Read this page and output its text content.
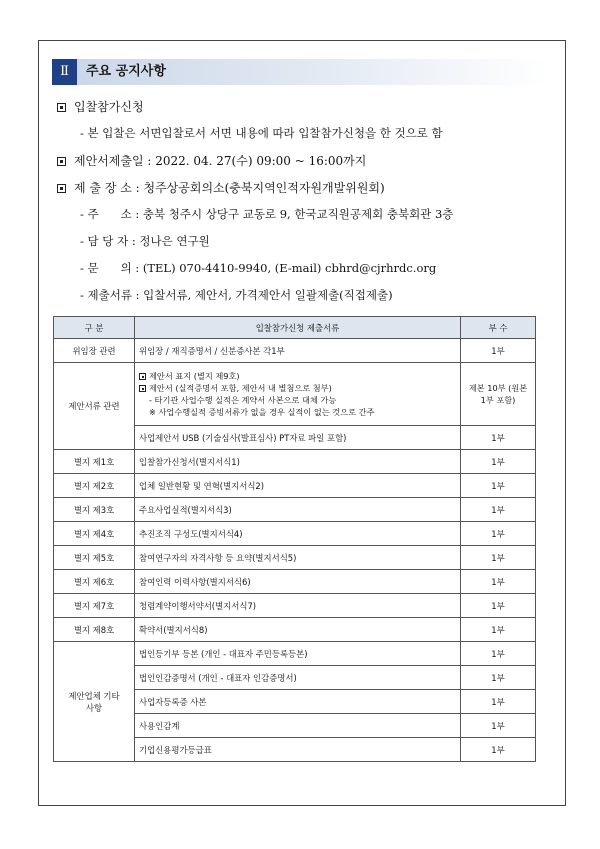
Ⅱ	주요 공지사항
입찰참가신청
- 본 입찰은 서면입찰로서 서면 내용에 따라 입찰참가신청을 한 것으로 함
제안서제출일 : 2022. 04. 27(수) 09:00 ~ 16:00까지
제 출 장 소 : 청주상공회의소(충북지역인적자원개발위원회)
- 주      소 : 충북 청주시 상당구 교동로 9, 한국교직원공제회 충북회관 3층
- 담 당 자 : 정나은 연구원
- 문      의 : (TEL) 070-4410-9940, (E-mail) cbhrd@cjrhrdc.org
- 제출서류 : 입찰서류, 제안서, 가격제안서 일괄제출(직접제출)
구 분	입찰참가신청 제출서류	부 수
위임장 관련	위임장 / 재직증명서 / 신분증사본 각1부	1부
제안서류 관련	제안서 표지 (별지 제9호)
제안서 (실적증명서 포함, 제안서 내 별첨으로 첨부)
- 타기관 사업수행 실적은 계약서 사본으로 대체 가능
※ 사업수행실적 증빙서류가 없을 경우 실적이 없는 것으로 간주	제본 10부 (원본 1부 포함)
	사업제안서 USB (기술심사(발표심사) PT자료 파일 포함)	1부
별지 제1호	입찰참가신청서(별지서식1)	1부
별지 제2호	업체 일반현황 및 연혁(별지서식2)	1부
별지 제3호	주요사업실적(별지서식3)	1부
별지 제4호	추진조직 구성도(별지서식4)	1부
별지 제5호	참여연구자의 자격사항 등 요약(별지서식5)	1부
별지 제6호	참여인력 이력사항(별지서식6)	1부
별지 제7호	청렴계약이행서약서(별지서식7)	1부
별지 제8호	확약서(별지서식8)	1부
제안업체 기타사항	법인등기부 등본 (개인 - 대표자 주민등록등본)	1부
	법인인감증명서 (개인 - 대표자 인감증명서)	1부
	사업자등록증 사본	1부
	사용인감계	1부
	기업신용평가등급표	1부
